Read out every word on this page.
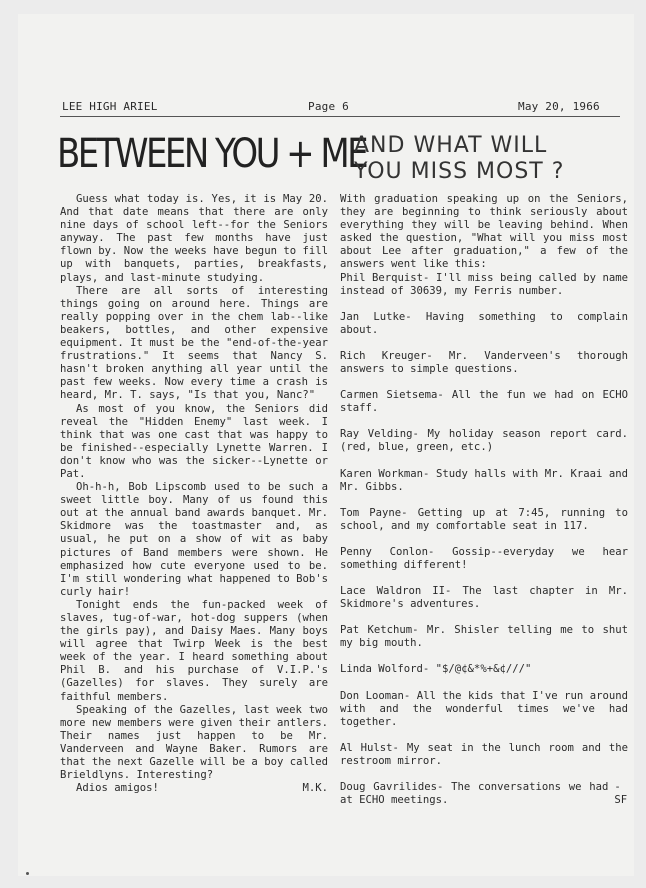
LEE HIGH ARIEL	Page 6	May 20, 1966
BETWEEN YOU + ME
AND WHAT WILL
YOU MISS MOST ?

Guess what today is. Yes, it is May 20. And that date means that there are only nine days of school left--for the Seniors anyway. The past few months have just flown by. Now the weeks have begun to fill up with banquets, parties, breakfasts, plays, and last-minute studying.

There are all sorts of interesting things going on around here. Things are really popping over in the chem lab--like beakers, bottles, and other expensive equipment. It must be the "end-of-the-year frustrations." It seems that Nancy S. hasn't broken anything all year until the past few weeks. Now every time a crash is heard, Mr. T. says, "Is that you, Nanc?"

As most of you know, the Seniors did reveal the "Hidden Enemy" last week. I think that was one cast that was happy to be finished--especially Lynette Warren. I don't know who was the sicker--Lynette or Pat.

Oh-h-h, Bob Lipscomb used to be such a sweet little boy. Many of us found this out at the annual band awards banquet. Mr. Skidmore was the toastmaster and, as usual, he put on a show of wit as baby pictures of Band members were shown. He emphasized how cute everyone used to be. I'm still wondering what happened to Bob's curly hair!

Tonight ends the fun-packed week of slaves, tug-of-war, hot-dog suppers (when the girls pay), and Daisy Maes. Many boys will agree that Twirp Week is the best week of the year. I heard something about Phil B. and his purchase of V.I.P.'s (Gazelles) for slaves. They surely are faithful members.

Speaking of the Gazelles, last week two more new members were given their antlers. Their names just happen to be Mr. Vanderveen and Wayne Baker. Rumors are that the next Gazelle will be a boy called Brieldlyns. Interesting?

Adios amigos!	M.K.

With graduation speaking up on the Seniors, they are beginning to think seriously about everything they will be leaving behind. When asked the question, "What will you miss most about Lee after graduation," a few of the answers went like this:

Phil Berquist- I'll miss being called by name instead of 30639, my Ferris number.

Jan Lutke- Having something to complain about.

Rich Kreuger- Mr. Vanderveen's thorough answers to simple questions.

Carmen Sietsema- All the fun we had on ECHO staff.

Ray Velding- My holiday season report card. (red, blue, green, etc.)

Karen Workman- Study halls with Mr. Kraai and Mr. Gibbs.

Tom Payne- Getting up at 7:45, running to school, and my comfortable seat in 117.

Penny Conlon- Gossip--everyday we hear something different!

Lace Waldron II- The last chapter in Mr. Skidmore's adventures.

Pat Ketchum- Mr. Shisler telling me to shut my big mouth.

Linda Wolford- "$/@¢&*%+&¢///"

Don Looman- All the kids that I've run around with and the wonderful times we've had together.

Al Hulst- My seat in the lunch room and the restroom mirror.

Doug Gavrilides- The conversations we had at ECHO meetings.
-SF
